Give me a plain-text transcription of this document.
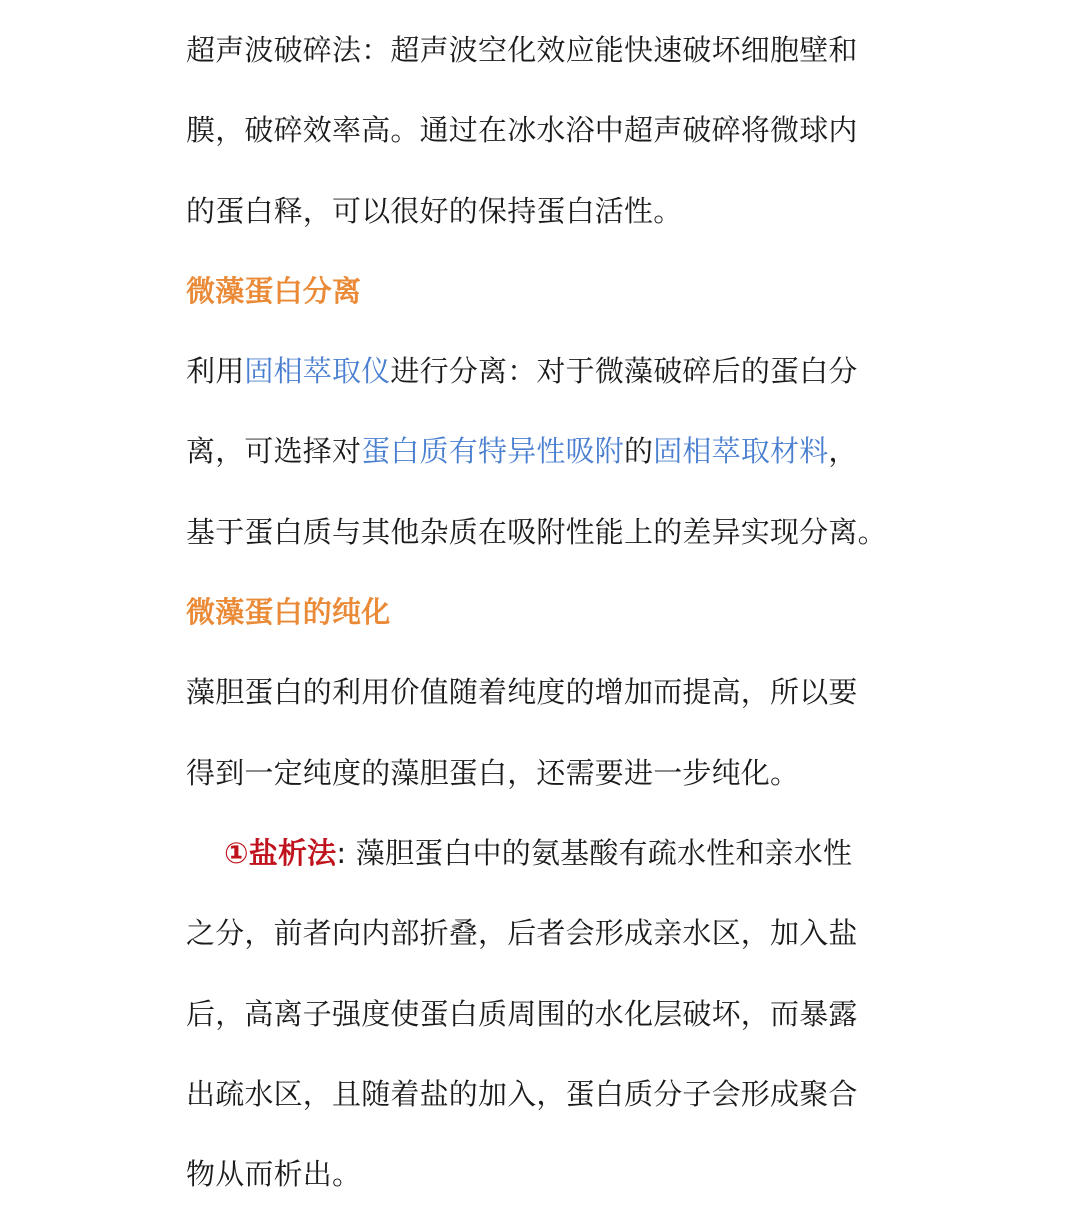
超声波破碎法：超声波空化效应能快速破坏细胞壁和
膜，破碎效率高。通过在冰水浴中超声破碎将微球内
的蛋白释，可以很好的保持蛋白活性。
微藻蛋白分离
利用固相萃取仪进行分离：对于微藻破碎后的蛋白分
离，可选择对蛋白质有特异性吸附的固相萃取材料，
基于蛋白质与其他杂质在吸附性能上的差异实现分离。
微藻蛋白的纯化
藻胆蛋白的利用价值随着纯度的增加而提高，所以要
得到一定纯度的藻胆蛋白，还需要进一步纯化。
①盐析法: 藻胆蛋白中的氨基酸有疏水性和亲水性
之分，前者向内部折叠，后者会形成亲水区，加入盐
后，高离子强度使蛋白质周围的水化层破坏，而暴露
出疏水区，且随着盐的加入，蛋白质分子会形成聚合
物从而析出。
